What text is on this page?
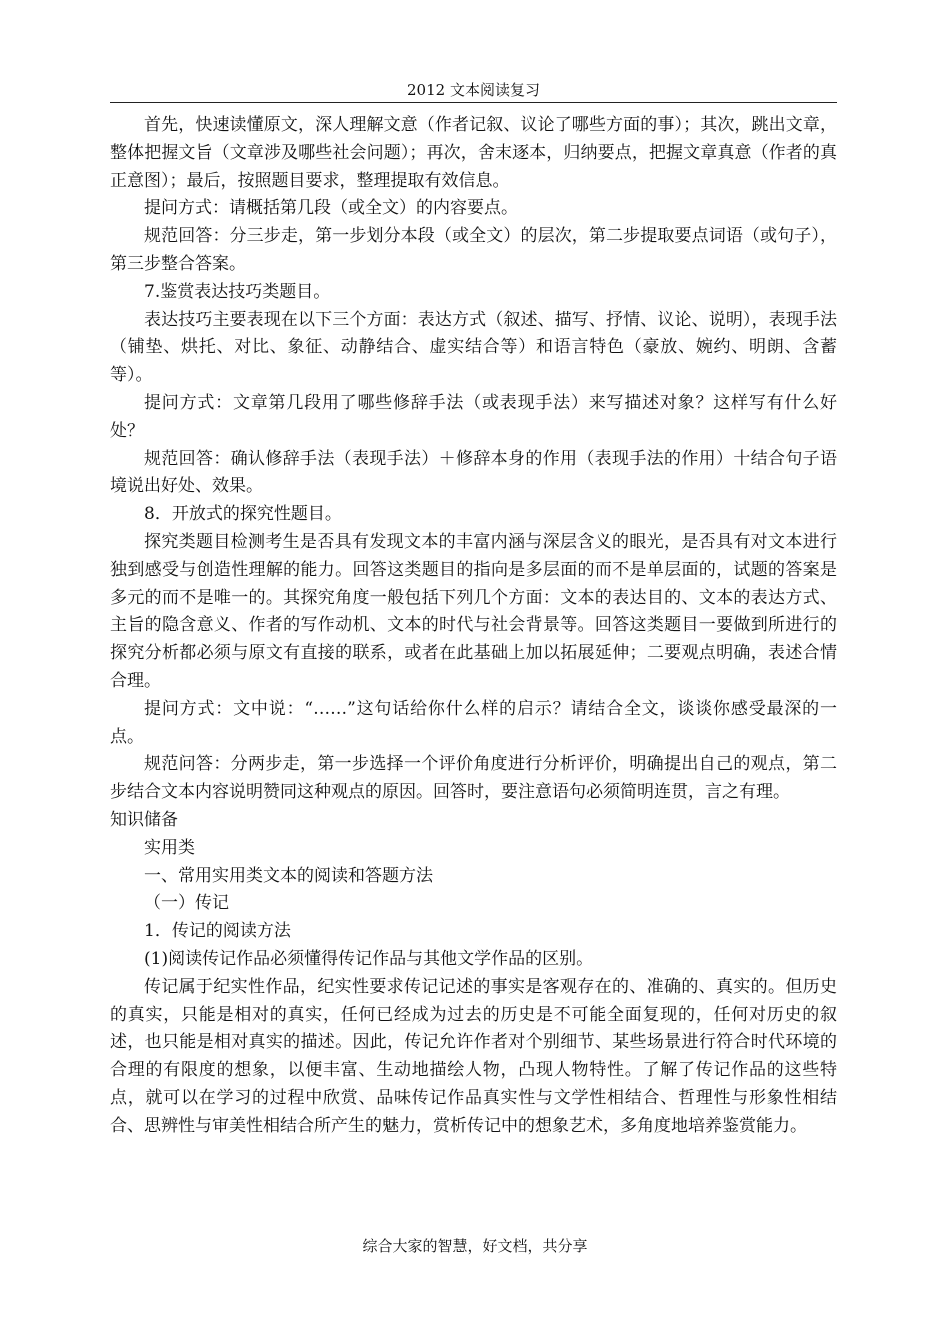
2012 文本阅读复习

首先，快速读懂原文，深人理解文意（作者记叙、议论了哪些方面的事）；其次，跳出文章，整体把握文旨（文章涉及哪些社会问题）；再次，舍末逐本，归纳要点，把握文章真意（作者的真正意图）；最后，按照题目要求，整理提取有效信息。

提问方式：请概括第几段（或全文）的内容要点。

规范回答：分三步走，第一步划分本段（或全文）的层次，第二步提取要点词语（或句子），第三步整合答案。

7.鉴赏表达技巧类题目。

表达技巧主要表现在以下三个方面：表达方式（叙述、描写、抒情、议论、说明），表现手法（铺垫、烘托、对比、象征、动静结合、虚实结合等）和语言特色（豪放、婉约、明朗、含蓄等）。

提问方式：文章第几段用了哪些修辞手法（或表现手法）来写描述对象？这样写有什么好处？

规范回答：确认修辞手法（表现手法）＋修辞本身的作用（表现手法的作用）十结合句子语境说出好处、效果。

8．开放式的探究性题目。

探究类题目检测考生是否具有发现文本的丰富内涵与深层含义的眼光，是否具有对文本进行独到感受与创造性理解的能力。回答这类题目的指向是多层面的而不是单层面的，试题的答案是多元的而不是唯一的。其探究角度一般包括下列几个方面：文本的表达目的、文本的表达方式、主旨的隐含意义、作者的写作动机、文本的时代与社会背景等。回答这类题目一要做到所进行的探究分析都必须与原文有直接的联系，或者在此基础上加以拓展延伸；二要观点明确，表述合情合理。

提问方式：文中说：“……”这句话给你什么样的启示？请结合全文，谈谈你感受最深的一点。

规范问答：分两步走，第一步选择一个评价角度进行分析评价，明确提出自己的观点，第二步结合文本内容说明赞同这种观点的原因。回答时，要注意语句必须简明连贯，言之有理。

知识储备

实用类

一、常用实用类文本的阅读和答题方法

（一）传记

1．传记的阅读方法

(1)阅读传记作品必须懂得传记作品与其他文学作品的区别。

传记属于纪实性作品，纪实性要求传记记述的事实是客观存在的、准确的、真实的。但历史的真实，只能是相对的真实，任何已经成为过去的历史是不可能全面复现的，任何对历史的叙述，也只能是相对真实的描述。因此，传记允许作者对个别细节、某些场景进行符合时代环境的合理的有限度的想象，以便丰富、生动地描绘人物，凸现人物特性。了解了传记作品的这些特点，就可以在学习的过程中欣赏、品味传记作品真实性与文学性相结合、哲理性与形象性相结合、思辨性与审美性相结合所产生的魅力，赏析传记中的想象艺术，多角度地培养鉴赏能力。

综合大家的智慧，好文档，共分享
